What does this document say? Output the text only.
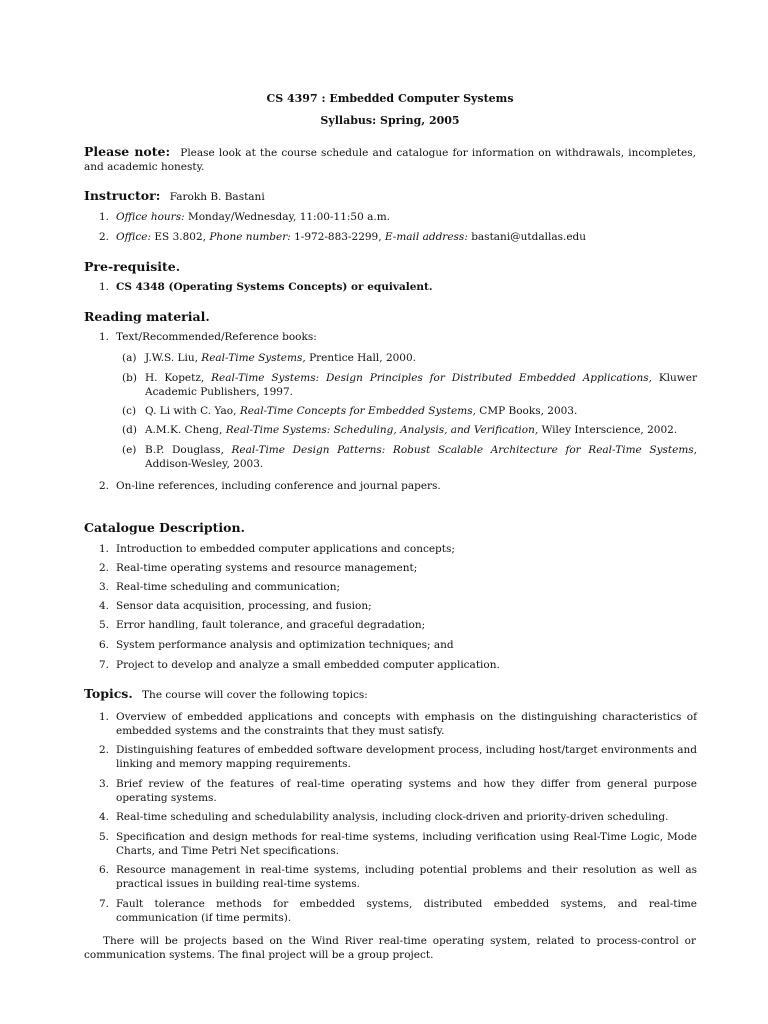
CS 4397 : Embedded Computer Systems
Syllabus: Spring, 2005
Please note: Please look at the course schedule and catalogue for information on withdrawals, incompletes, and academic honesty.
Instructor: Farokh B. Bastani
1. Office hours: Monday/Wednesday, 11:00-11:50 a.m.
2. Office: ES 3.802, Phone number: 1-972-883-2299, E-mail address: bastani@utdallas.edu
Pre-requisite.
1. CS 4348 (Operating Systems Concepts) or equivalent.
Reading material.
1. Text/Recommended/Reference books:
(a) J.W.S. Liu, Real-Time Systems, Prentice Hall, 2000.
(b) H. Kopetz, Real-Time Systems: Design Principles for Distributed Embedded Applications, Kluwer Academic Publishers, 1997.
(c) Q. Li with C. Yao, Real-Time Concepts for Embedded Systems, CMP Books, 2003.
(d) A.M.K. Cheng, Real-Time Systems: Scheduling, Analysis, and Verification, Wiley Interscience, 2002.
(e) B.P. Douglass, Real-Time Design Patterns: Robust Scalable Architecture for Real-Time Systems, Addison-Wesley, 2003.
2. On-line references, including conference and journal papers.
Catalogue Description.
1. Introduction to embedded computer applications and concepts;
2. Real-time operating systems and resource management;
3. Real-time scheduling and communication;
4. Sensor data acquisition, processing, and fusion;
5. Error handling, fault tolerance, and graceful degradation;
6. System performance analysis and optimization techniques; and
7. Project to develop and analyze a small embedded computer application.
Topics. The course will cover the following topics:
1. Overview of embedded applications and concepts with emphasis on the distinguishing characteristics of embedded systems and the constraints that they must satisfy.
2. Distinguishing features of embedded software development process, including host/target environments and linking and memory mapping requirements.
3. Brief review of the features of real-time operating systems and how they differ from general purpose operating systems.
4. Real-time scheduling and schedulability analysis, including clock-driven and priority-driven scheduling.
5. Specification and design methods for real-time systems, including verification using Real-Time Logic, Mode Charts, and Time Petri Net specifications.
6. Resource management in real-time systems, including potential problems and their resolution as well as practical issues in building real-time systems.
7. Fault tolerance methods for embedded systems, distributed embedded systems, and real-time communication (if time permits).
There will be projects based on the Wind River real-time operating system, related to process-control or communication systems. The final project will be a group project.
